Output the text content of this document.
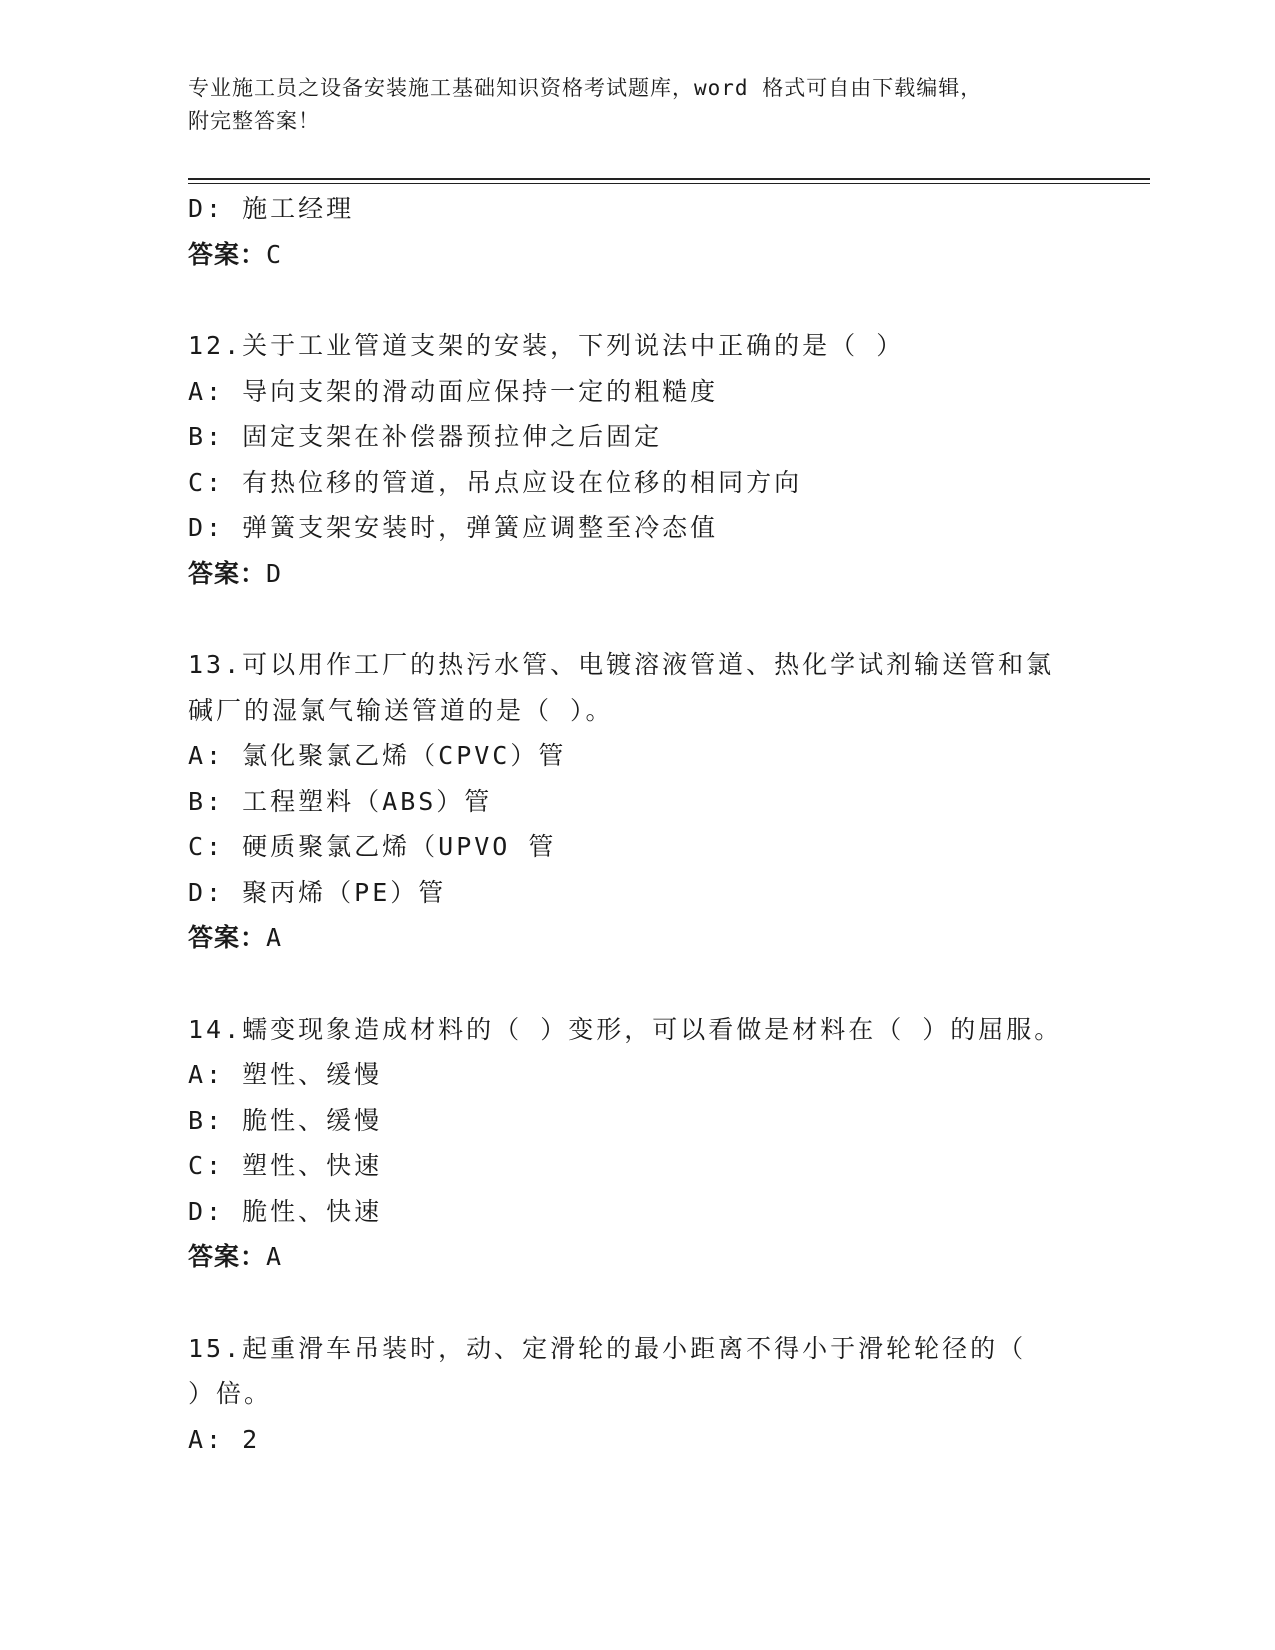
专业施工员之设备安装施工基础知识资格考试题库，word 格式可自由下载编辑，
附完整答案！
D: 施工经理
答案：C
12.关于工业管道支架的安装，下列说法中正确的是（ ）
A: 导向支架的滑动面应保持一定的粗糙度
B: 固定支架在补偿器预拉伸之后固定
C: 有热位移的管道，吊点应设在位移的相同方向
D: 弹簧支架安装时，弹簧应调整至冷态值
答案：D
13.可以用作工厂的热污水管、电镀溶液管道、热化学试剂输送管和氯
碱厂的湿氯气输送管道的是（ ）。
A: 氯化聚氯乙烯（CPVC）管
B: 工程塑料（ABS）管
C: 硬质聚氯乙烯（UPVO 管
D: 聚丙烯（PE）管
答案：A
14.蠕变现象造成材料的（ ）变形，可以看做是材料在（ ）的屈服。
A: 塑性、缓慢
B: 脆性、缓慢
C: 塑性、快速
D: 脆性、快速
答案：A
15.起重滑车吊装时，动、定滑轮的最小距离不得小于滑轮轮径的（
）倍。
A: 2
